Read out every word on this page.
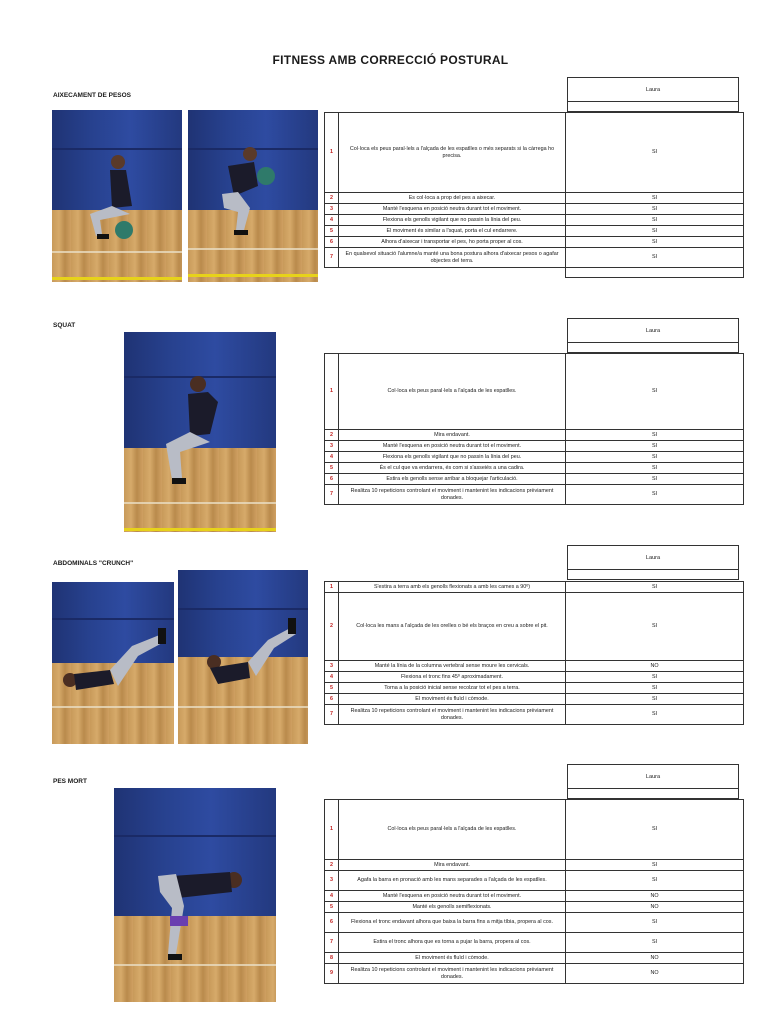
FITNESS AMB CORRECCIÓ POSTURAL
AIXECAMENT DE PESOS
Laura

1	Col·loca els peus paral·lels a l'alçada de les espatlles o més separats si la càrrega ho precisa.	SI
2	Es col·loca a prop del pes a aixecar.	SI
3	Manté l'esquena en posició neutra durant tot el moviment.	SI
4	Flexiona els genolls vigilant que no passin la línia del peu.	SI
5	El moviment és similar a l'squat, porta el cul endarrere.	SI
6	Alhora d'aixecar i transportar el pes, ho porta proper al cos.	SI
7	En qualsevol situació l'alumne/a manté una bona postura alhora d'aixecar pesos o agafar objectes del terra.	SI

SQUAT
Laura

1	Col·loca els peus paral·lels a l'alçada de les espatlles.	SI
2	Mira endavant.	SI
3	Manté l'esquena en posició neutra durant tot el moviment.	SI
4	Flexiona els genolls vigilant que no passin la línia del peu.	SI
5	És el cul que va endarrera, és com si s'asseiés a una cadira.	SI
6	Estira els genolls sense arribar a bloquejar l'articulació.	SI
7	Realitza 10 repeticions controlant el moviment i mantenint les indicacions prèviament donades.	SI
ABDOMINALS "CRUNCH"
Laura

1	S'estira a terra amb els genolls flexionats a amb les cames a 90º)	SI
2	Col·loca les mans a l'alçada de les orelles o bé els braços en creu a sobre el pit.	SI
3	Manté la línia de la columna vertebral sense moure les cervicals.	NO
4	Flexiona el tronc fins 45º aproximadament.	SI
5	Torna a la posició inicial sense recolzar tot el pes a terra.	SI
6	El moviment és fluïd i còmode.	SI
7	Realitza 10 repeticions controlant el moviment i mantenint les indicacions prèviament donades.	SI
PES MORT
Laura

1	Col·loca els peus paral·lels a l'alçada de les espatlles.	SI
2	Mira endavant.	SI
3	Agafa la barra en pronació amb les mans separades a l'alçada de les espatlles.	SI
4	Manté l'esquena en posició neutra durant tot el moviment.	NO
5	Manté els genolls semiflexionats.	NO
6	Flexiona el tronc endavant alhora que baixa la barra fins a mitja tíbia, propera al cos.	SI
7	Estira el tronc alhora que es torna a pujar la barra, propera al cos.	SI
8	El moviment és fluïd i còmode.	NO
9	Realitza 10 repeticions controlant el moviment i mantenint les indicacions prèviament donades.	NO
